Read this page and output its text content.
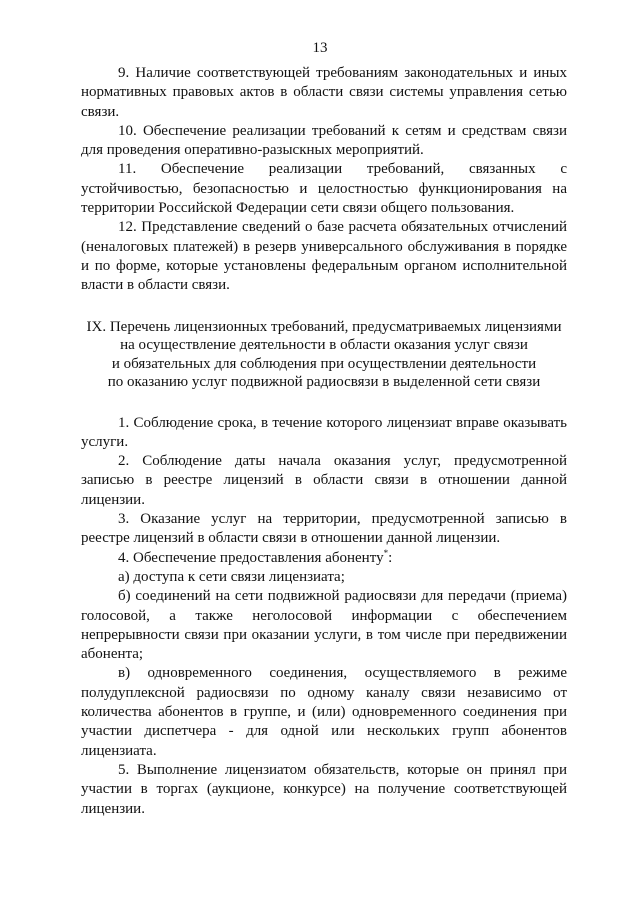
13

9. Наличие соответствующей требованиям законодательных и иных нормативных правовых актов в области связи системы управления сетью связи.

10. Обеспечение реализации требований к сетям и средствам связи для проведения оперативно-разыскных мероприятий.

11. Обеспечение реализации требований, связанных с устойчивостью, безопасностью и целостностью функционирования на территории Российской Федерации сети связи общего пользования.

12. Представление сведений о базе расчета обязательных отчислений (неналоговых платежей) в резерв универсального обслуживания в порядке и по форме, которые установлены федеральным органом исполнительной власти в области связи.

IX. Перечень лицензионных требований, предусматриваемых лицензиями
на осуществление деятельности в области оказания услуг связи
и обязательных для соблюдения при осуществлении деятельности
по оказанию услуг подвижной радиосвязи в выделенной сети связи

1. Соблюдение срока, в течение которого лицензиат вправе оказывать услуги.

2. Соблюдение даты начала оказания услуг, предусмотренной записью в реестре лицензий в области связи в отношении данной лицензии.

3. Оказание услуг на территории, предусмотренной записью в реестре лицензий в области связи в отношении данной лицензии.

4. Обеспечение предоставления абоненту*:

а) доступа к сети связи лицензиата;

б) соединений на сети подвижной радиосвязи для передачи (приема) голосовой, а также неголосовой информации с обеспечением непрерывности связи при оказании услуги, в том числе при передвижении абонента;

в) одновременного соединения, осуществляемого в режиме полудуплексной радиосвязи по одному каналу связи независимо от количества абонентов в группе, и (или) одновременного соединения при участии диспетчера - для одной или нескольких групп абонентов лицензиата.

5. Выполнение лицензиатом обязательств, которые он принял при участии в торгах (аукционе, конкурсе) на получение соответствующей лицензии.
